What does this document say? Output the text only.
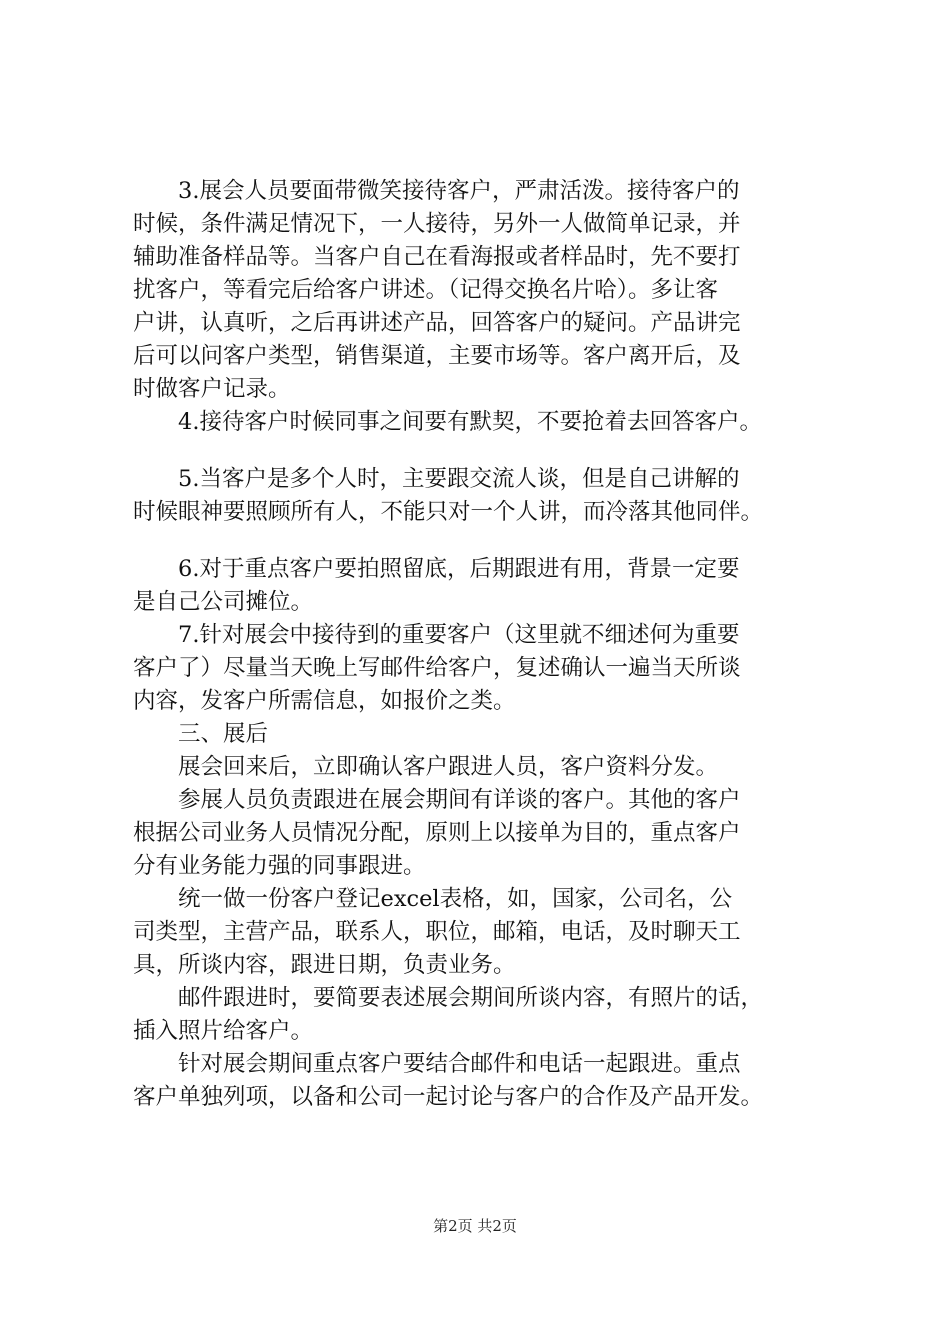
3.展会人员要面带微笑接待客户，严肃活泼。接待客户的
时候，条件满足情况下，一人接待，另外一人做简单记录，并
辅助准备样品等。当客户自己在看海报或者样品时，先不要打
扰客户，等看完后给客户讲述。（记得交换名片哈）。多让客
户讲，认真听，之后再讲述产品，回答客户的疑问。产品讲完
后可以问客户类型，销售渠道，主要市场等。客户离开后，及
时做客户记录。
4.接待客户时候同事之间要有默契，不要抢着去回答客户。
5.当客户是多个人时，主要跟交流人谈，但是自己讲解的
时候眼神要照顾所有人，不能只对一个人讲，而冷落其他同伴。
6.对于重点客户要拍照留底，后期跟进有用，背景一定要
是自己公司摊位。
7.针对展会中接待到的重要客户（这里就不细述何为重要
客户了）尽量当天晚上写邮件给客户，复述确认一遍当天所谈
内容，发客户所需信息，如报价之类。
三、展后
展会回来后，立即确认客户跟进人员，客户资料分发。
参展人员负责跟进在展会期间有详谈的客户。其他的客户
根据公司业务人员情况分配，原则上以接单为目的，重点客户
分有业务能力强的同事跟进。
统一做一份客户登记excel表格，如，国家，公司名，公
司类型，主营产品，联系人，职位，邮箱，电话，及时聊天工
具，所谈内容，跟进日期，负责业务。
邮件跟进时，要简要表述展会期间所谈内容，有照片的话，
插入照片给客户。
针对展会期间重点客户要结合邮件和电话一起跟进。重点
客户单独列项，以备和公司一起讨论与客户的合作及产品开发。
第2页 共2页
